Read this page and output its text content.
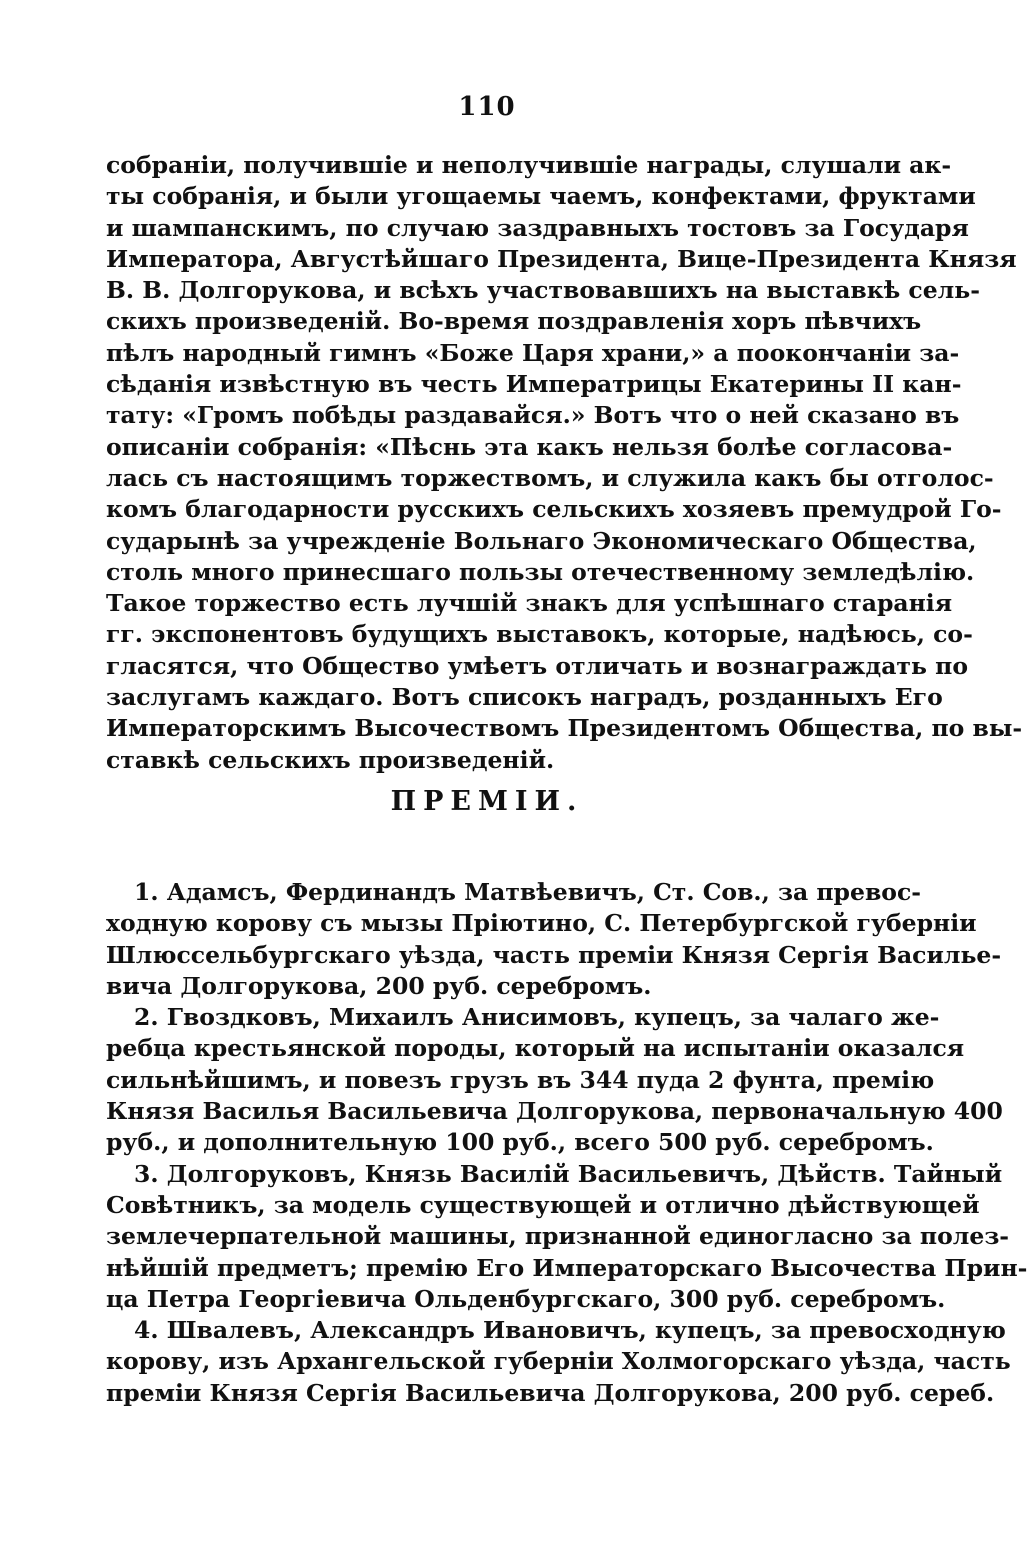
110
собраніи, получившіе и неполучившіе награды, слушали ак-
ты собранія, и были угощаемы чаемъ, конфектами, фруктами
и шампанскимъ, по случаю заздравныхъ тостовъ за Государя
Императора, Августѣйшаго Президента, Вице-Президента Князя
В. В. Долгорукова, и всѣхъ участвовавшихъ на выставкѣ сель-
скихъ произведеній. Во-время поздравленія хоръ пѣвчихъ
пѣлъ народный гимнъ «Боже Царя храни,» а поокончаніи за-
сѣданія извѣстную въ честь Императрицы Екатерины II кан-
тату: «Громъ побѣды раздавайся.» Вотъ что о ней сказано въ
описаніи собранія: «Пѣснь эта какъ нельзя болѣе согласова-
лась съ настоящимъ торжествомъ, и служила какъ бы отголос-
комъ благодарности русскихъ сельскихъ хозяевъ премудрой Го-
сударынѣ за учрежденіе Вольнаго Экономическаго Общества,
столь много принесшаго пользы отечественному земледѣлію.
Такое торжество есть лучшій знакъ для успѣшнаго старанія
гг. экспонентовъ будущихъ выставокъ, которые, надѣюсь, со-
гласятся, что Общество умѣетъ отличать и вознаграждать по
заслугамъ каждаго. Вотъ списокъ наградъ, розданныхъ Его
Императорскимъ Высочествомъ Президентомъ Общества, по вы-
ставкѣ сельскихъ произведеній.
ПРЕМІИ.
1. Адамсъ, Фердинандъ Матвѣевичъ, Ст. Сов., за превос-
ходную корову съ мызы Пріютино, С. Петербургской губерніи
Шлюссельбургскаго уѣзда, часть преміи Князя Сергія Василье-
вича Долгорукова, 200 руб. серебромъ.
2. Гвоздковъ, Михаилъ Анисимовъ, купецъ, за чалаго же-
ребца крестьянской породы, который на испытаніи оказался
сильнѣйшимъ, и повезъ грузъ въ 344 пуда 2 фунта, премію
Князя Василья Васильевича Долгорукова, первоначальную 400
руб., и дополнительную 100 руб., всего 500 руб. серебромъ.
3. Долгоруковъ, Князь Василій Васильевичъ, Дѣйств. Тайный
Совѣтникъ, за модель существующей и отлично дѣйствующей
землечерпательной машины, признанной единогласно за полез-
нѣйшій предметъ; премію Его Императорскаго Высочества Прин-
ца Петра Георгіевича Ольденбургскаго, 300 руб. серебромъ.
4. Швалевъ, Александръ Ивановичъ, купецъ, за превосходную
корову, изъ Архангельской губерніи Холмогорскаго уѣзда, часть
преміи Князя Сергія Васильевича Долгорукова, 200 руб. сереб.
